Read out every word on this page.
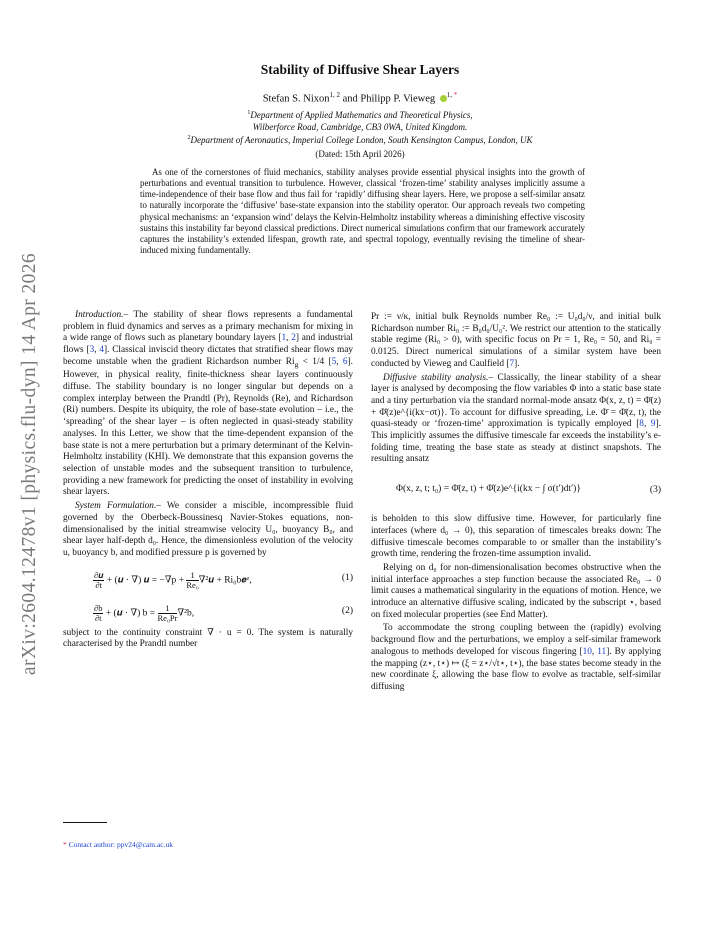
arXiv:2604.12478v1 [physics.flu-dyn] 14 Apr 2026
Stability of Diffusive Shear Layers
Stefan S. Nixon$^{1, 2}$ and Philipp P. Vieweg $^{1,}$ *
$^1$Department of Applied Mathematics and Theoretical Physics,
Wilberforce Road, Cambridge, CB3 0WA, United Kingdom.
$^2$Department of Aeronautics, Imperial College London, South Kensington Campus, London, UK
(Dated: 15th April 2026)
As one of the cornerstones of fluid mechanics, stability analyses provide essential physical insights into the growth of perturbations and eventual transition to turbulence. However, classical ‘frozen-time’ stability analyses implicitly assume a time-independence of their base flow and thus fail for ‘rapidly’ diffusing shear layers. Here, we propose a self-similar ansatz to naturally incorporate the ‘diffusive’ base-state expansion into the stability operator. Our approach reveals two competing physical mechanisms: an ‘expansion wind’ delays the Kelvin-Helmholtz instability whereas a diminishing effective viscosity sustains this instability far beyond classical predictions. Direct numerical simulations confirm that our framework accurately captures the instability’s extended lifespan, growth rate, and spectral topology, eventually revising the timeline of shear-induced mixing fundamentally.

Introduction.– The stability of shear flows represents a fundamental problem in fluid dynamics and serves as a primary mechanism for mixing in a wide range of flows such as planetary boundary layers [1, 2] and industrial flows [3, 4]. Classical inviscid theory dictates that stratified shear flows may become unstable when the gradient Richardson number $Ri_g < 1/4$ [5, 6]. However, in physical reality, finite-thickness shear layers continuously diffuse. The stability boundary is no longer singular but depends on a complex interplay between the Prandtl (Pr), Reynolds (Re), and Richardson (Ri) numbers. Despite its ubiquity, the role of base-state evolution – i.e., the ‘spreading’ of the shear layer – is often neglected in quasi-steady stability analyses. In this Letter, we show that the time-dependent expansion of the base state is not a mere perturbation but a primary determinant of the Kelvin-Helmholtz instability (KHI). We demonstrate that this expansion governs the selection of unstable modes and the subsequent transition to turbulence, providing a new framework for predicting the onset of instability in evolving shear layers.

System Formulation.– We consider a miscible, incompressible fluid governed by the Oberbeck-Boussinesq Navier-Stokes equations, non-dimensionalised by the initial streamwise velocity U₀, buoyancy B₀, and shear layer half-depth d₀. Hence, the dimensionless evolution of the velocity u, buoyancy b, and modified pressure p is governed by

$\frac{\text{∂𝒖}}{\partial t}$ + (𝒖 · ∇) 𝒖 = $-\nabla p + \frac{1}{\text{Re₀}}$ ∇²𝒖 + Ri₀b𝒆ᶻ,	(1)
$\frac{\partial b}{\partial t}$ + (𝒖 · ∇) $b = \frac{1}{\text{Re₀Pr}} \nabla^2b$,	(2)

subject to the continuity constraint ∇ · u = 0. The system is naturally characterised by the Prandtl number

Pr := ν/κ, initial bulk Reynolds number Re₀ := U₀d₀/ν, and initial bulk Richardson number Ri₀ := B₀d₀/U₀². We restrict our attention to the statically stable regime (Ri₀ > 0), with specific focus on Pr = 1, Re₀ = 50, and Ri₀ = 0.0125. Direct numerical simulations of a similar system have been conducted by Vieweg and Caulfield [7].

Diffusive stability analysis.– Classically, the linear stability of a shear layer is analysed by decomposing the flow variables Φ into a static base state and a tiny perturbation via the standard normal-mode ansatz Φ(x, z, t) = Φ̄(z) + Φ̂(z)e^{i(kx−σt)}. To account for diffusive spreading, i.e. Φ̄ = Φ̄(z, t), the quasi-steady or ‘frozen-time’ approximation is typically employed [8, 9]. This implicitly assumes the diffusive timescale far exceeds the instability’s e-folding time, treating the base state as steady at distinct snapshots. The resulting ansatz

Φ(x, z, t; t₀) = Φ̄(z, t) + Φ̂(z)e^{i(kx − ∫ σ(t′)dt′)}	(3)

is beholden to this slow diffusive time. However, for particularly fine interfaces (where d₀ → 0), this separation of timescales breaks down: The diffusive timescale becomes comparable to or smaller than the instability’s growth time, rendering the frozen-time assumption invalid.

Relying on d₀ for non-dimensionalisation becomes obstructive when the initial interface approaches a step function because the associated Re₀ → 0 limit causes a mathematical singularity in the equations of motion. Hence, we introduce an alternative diffusive scaling, indicated by the subscript ⋆, based on fixed molecular properties (see End Matter).

To accommodate the strong coupling between the (rapidly) evolving background flow and the perturbations, we employ a self-similar framework analogous to methods developed for viscous fingering [10, 11]. By applying the mapping (z⋆, t⋆) ↦ (ξ = z⋆/√t⋆, t⋆), the base states become steady in the new coordinate ξ, allowing the base flow to evolve as tractable, self-similar diffusing

* Contact author: ppv24@cam.ac.uk
